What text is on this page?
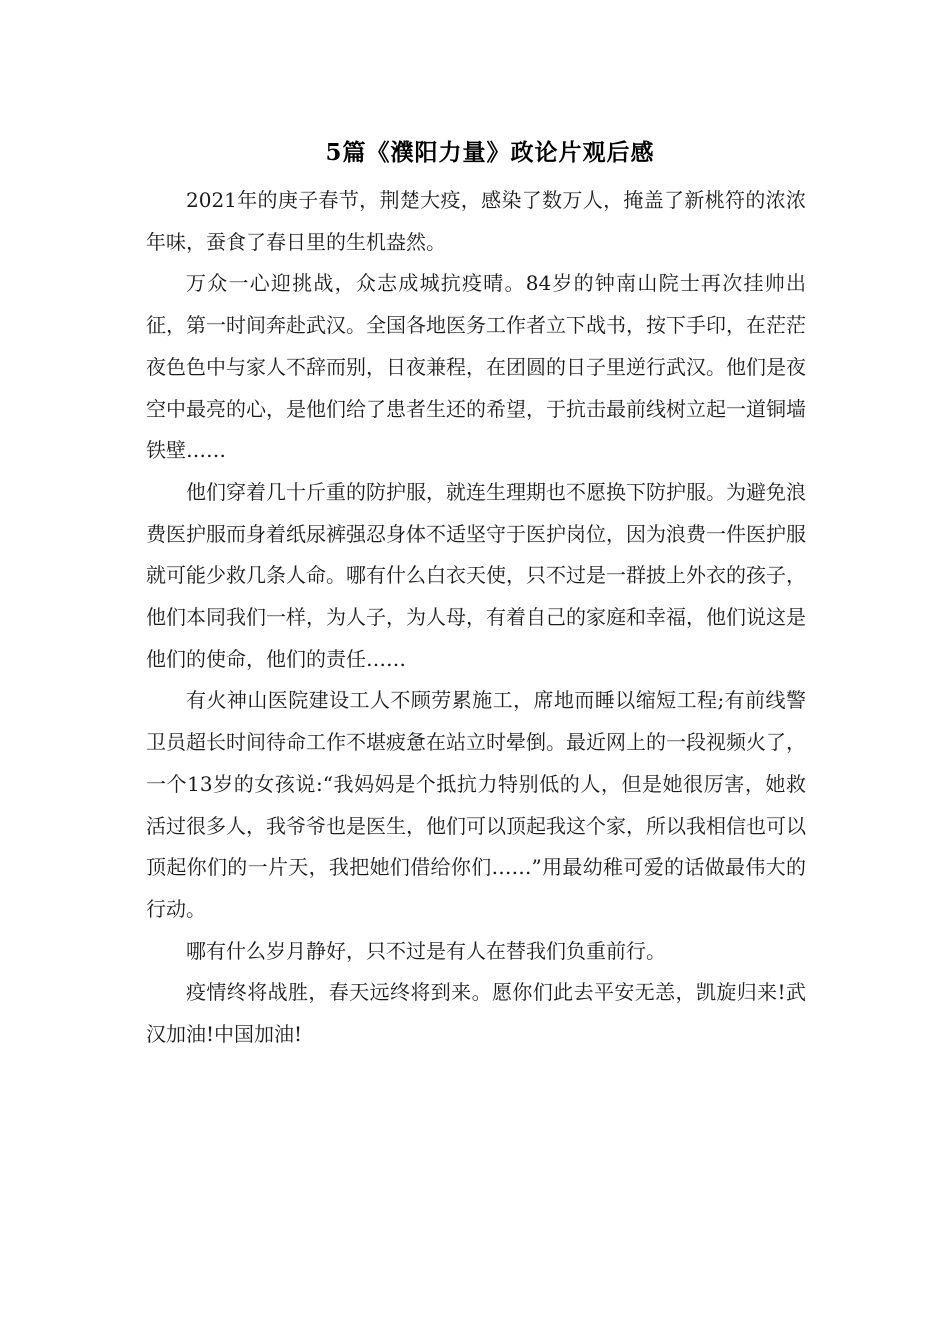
5篇《濮阳力量》政论片观后感

2021年的庚子春节，荆楚大疫，感染了数万人，掩盖了新桃符的浓浓年味，蚕食了春日里的生机盎然。

万众一心迎挑战，众志成城抗疫晴。84岁的钟南山院士再次挂帅出征，第一时间奔赴武汉。全国各地医务工作者立下战书，按下手印，在茫茫夜色色中与家人不辞而别，日夜兼程，在团圆的日子里逆行武汉。他们是夜空中最亮的心，是他们给了患者生还的希望，于抗击最前线树立起一道铜墙铁壁……

他们穿着几十斤重的防护服，就连生理期也不愿换下防护服。为避免浪费医护服而身着纸尿裤强忍身体不适坚守于医护岗位，因为浪费一件医护服就可能少救几条人命。哪有什么白衣天使，只不过是一群披上外衣的孩子，他们本同我们一样，为人子，为人母，有着自己的家庭和幸福，他们说这是他们的使命，他们的责任……

有火神山医院建设工人不顾劳累施工，席地而睡以缩短工程;有前线警卫员超长时间待命工作不堪疲惫在站立时晕倒。最近网上的一段视频火了，一个13岁的女孩说:“我妈妈是个抵抗力特别低的人，但是她很厉害，她救活过很多人，我爷爷也是医生，他们可以顶起我这个家，所以我相信也可以顶起你们的一片天，我把她们借给你们……”用最幼稚可爱的话做最伟大的行动。

哪有什么岁月静好，只不过是有人在替我们负重前行。

疫情终将战胜，春天远终将到来。愿你们此去平安无恙，凯旋归来!武汉加油!中国加油!
